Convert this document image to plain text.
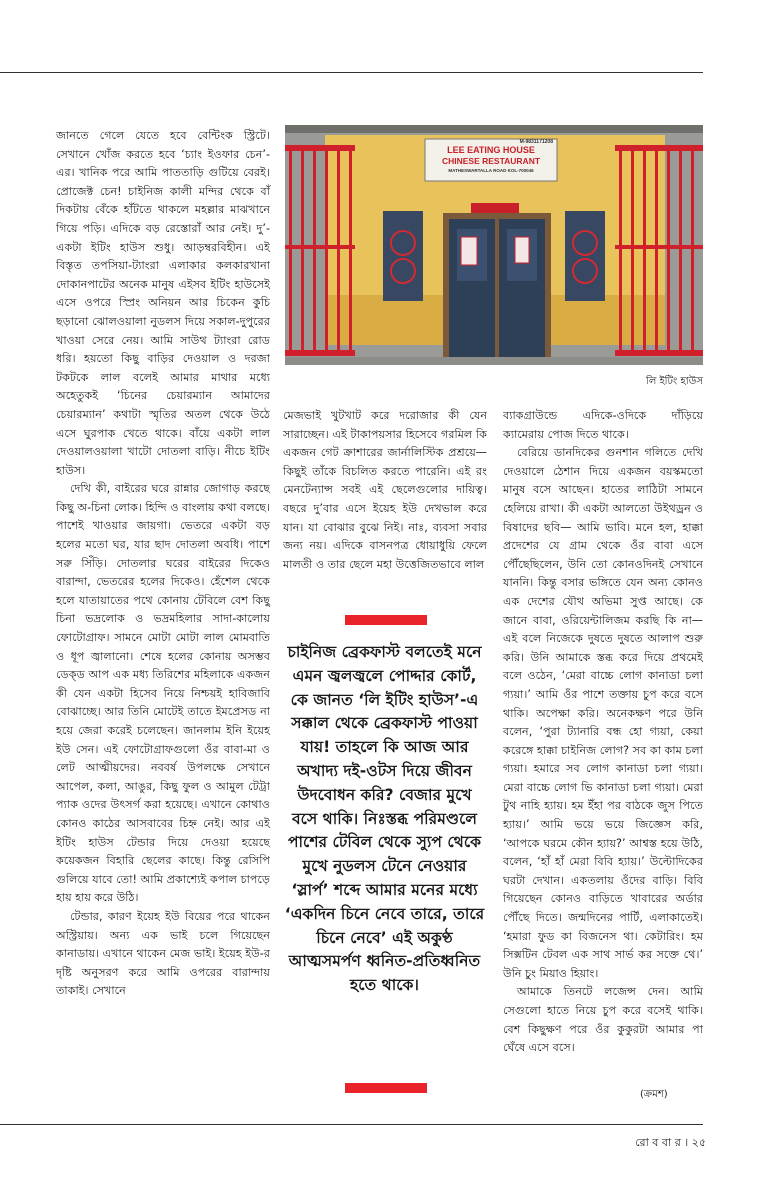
জানতে গেলে যেতে হবে বেন্টিংক স্ট্রিটে। সেখানে খোঁজ করতে হবে ‘চ্যাং ইওফার চেন’-এর। খানিক পরে আমি পাততাড়ি গুটিয়ে বেরই। প্রোজেক্ট চেন! চাইনিজ কালী মন্দির থেকে বাঁ দিকটায় বেঁকে হাঁটতে থাকলে মহল্লার মাঝখানে গিয়ে পড়ি। এদিকে বড় রেস্তোরাঁ আর নেই। দু’-একটা ইটিং হাউস শুধু। আড়ম্বরবিহীন। এই বিস্তৃত তপসিয়া-ট্যাংরা এলাকার কলকারখানা দোকানপাটের অনেক মানুষ এইসব ইটিং হাউসেই এসে ওপরে স্প্রিং অনিয়ন আর চিকেন কুচি ছড়ানো ঝোলওয়ালা নুডলস দিয়ে সকাল-দুপুরের খাওয়া সেরে নেয়। আমি সাউথ ট্যাংরা রোড ধরি। হয়তো কিছু বাড়ির দেওয়াল ও দরজা টকটকে লাল বলেই আমার মাথার মধ্যে অহেতুকই ‘চিনের চেয়ারম্যান আমাদের চেয়ারম্যান’ কথাটা স্মৃতির অতল থেকে উঠে এসে ঘুরপাক খেতে থাকে। বাঁয়ে একটা লাল দেওয়ালওয়ালা খাটো দোতলা বাড়ি। নীচে ইটিং হাউস।

দেখি কী, বাইরের ঘরে রান্নার জোগাড় করছে কিছু অ-চিনা লোক। হিন্দি ও বাংলায় কথা বলছে। পাশেই খাওয়ার জায়গা। ভেতরে একটা বড় হলের মতো ঘর, যার ছাদ দোতলা অবধি। পাশে সরু সিঁড়ি। দোতলার ঘরের বাইরের দিকেও বারান্দা, ভেতরের হলের দিকেও। হেঁশেল থেকে হলে যাতায়াতের পথে কোনায় টেবিলে বেশ কিছু চিনা ভদ্রলোক ও ভদ্রমহিলার সাদা-কালোয় ফোটোগ্রাফ। সামনে মোটা মোটা লাল মোমবাতি ও ধূপ জ্বালানো। শেষে হলের কোনায় অসম্ভব ডেক্ড আপ এক মধ্য তিরিশের মহিলাকে একজন কী যেন একটা হিসেব নিয়ে নিশ্চয়ই হাবিজাবি বোঝাচ্ছে। আর তিনি মোটেই তাতে ইমপ্রেসড না হয়ে জেরা করেই চলেছেন। জানলাম ইনি ইয়েহ ইউ সেন। এই ফোটোগ্রাফগুলো ওঁর বাবা-মা ও লেট আত্মীয়দের। নববর্ষ উপলক্ষে সেখানে আপেল, কলা, আঙুর, কিছু ফুল ও আমুল টেট্রা প্যাক ওদের উৎসর্গ করা হয়েছে। এখানে কোথাও কোনও কাঠের আসবাবের চিহ্ন নেই। আর এই ইটিং হাউস টেন্ডার দিয়ে দেওয়া হয়েছে কয়েকজন বিহারি ছেলের কাছে। কিন্তু রেসিপি গুলিয়ে যাবে তো! আমি প্রকাশ্যেই কপাল চাপড়ে হায় হায় করে উঠি।

টেন্ডার, কারণ ইয়েহ ইউ বিয়ের পরে থাকেন অস্ট্রিয়ায়। অন্য এক ভাই চলে গিয়েছেন কানাডায়। এখানে থাকেন মেজ ভাই। ইয়েহ ইউ-র দৃষ্টি অনুসরণ করে আমি ওপরের বারান্দায় তাকাই। সেখানে

M-9831171208
LEE EATING HOUSE
CHINESE RESTAURANT
MATHESWARTALLA ROAD KOL-700046
লি ইটিং হাউস

মেজভাই খুটখাট করে দরোজার কী যেন সারাচ্ছেন। এই টাকাপয়সার হিসেবে গরমিল কি একজন গেট ক্রাশারের জার্নালিস্টিক প্রশ্রয়ে— কিছুই তাঁকে বিচলিত করতে পারেনি। এই রং মেনটেন্যান্স সবই এই ছেলেগুলোর দায়িত্ব। বছরে দু’বার এসে ইয়েহ ইউ দেখভাল করে যান। যা বোঝার বুঝে নিই। নাঃ, ব্যবসা সবার জন্য নয়। এদিকে বাসনপত্র ধোয়াধুয়ি ফেলে মালতী ও তার ছেলে মহা উত্তেজিতভাবে লাল

চাইনিজ ব্রেকফাস্ট বলতেই মনে এমন জ্বলজ্বলে পোদ্দার কোর্ট, কে জানত ‘লি ইটিং হাউস’-এ সক্কাল থেকে ব্রেকফাস্ট পাওয়া যায়! তাহলে কি আজ আর অখাদ্য দই-ওটস দিয়ে জীবন উদবোধন করি? বেজার মুখে বসে থাকি। নিঃস্তব্ধ পরিমণ্ডলে পাশের টেবিল থেকে স্যুপ থেকে মুখে নুডলস টেনে নেওয়ার ‘স্লার্প’ শব্দে আমার মনের মধ্যে ‘একদিন চিনে নেবে তারে, তারে চিনে নেবে’ এই অকুণ্ঠ আত্মসমর্পণ ধ্বনিত-প্রতিধ্বনিত হতে থাকে।

ব্যাকগ্রাউন্ডে এদিকে-ওদিকে দাঁড়িয়ে ক্যামেরায় পোজ দিতে থাকে।

বেরিয়ে ডানদিকের গুনশান গলিতে দেখি দেওয়ালে ঠেশান দিয়ে একজন বয়স্কমতো মানুষ বসে আছেন। হাতের লাঠিটা সামনে হেলিয়ে রাখা। কী একটা আলতো উইথড্রন ও বিষাদের ছবি— আমি ভাবি। মনে হল, হাক্কা প্রদেশের যে গ্রাম থেকে ওঁর বাবা এসে পৌঁছেছিলেন, উনি তো কোনওদিনই সেখানে যাননি। কিন্তু বসার ভঙ্গিতে যেন অন্য কোনও এক দেশের যৌথ অভিমা সুপ্ত আছে। কে জানে বাবা, ওরিয়েন্টালিজম করছি কি না— এই বলে নিজেকে দুষতে দুষতে আলাপ শুরু করি। উনি আমাকে স্তব্ধ করে দিয়ে প্রথমেই বলে ওঠেন, ‘মেরা বাচ্চে লোগ কানাডা চলা গ্যয়া।’ আমি ওঁর পাশে তক্তায় চুপ করে বসে থাকি। অপেক্ষা করি। অনেকক্ষণ পরে উনি বলেন, ‘পুরা ট্যানারি বন্ধ হো গ্যয়া, কেয়া করেঙ্গে হাক্কা চাইনিজ লোগ? সব কা কাম চলা গ্যয়া। হমারে সব লোগ কানাডা চলা গ্যয়া। মেরা বাচ্চে লোগ ভি কানাডা চলা গ্যয়া। মেরা টুথ নাহি হ্যায়। হম ইঁহা পর বাঠকে জুস পিতে হ্যায়।’ আমি ভয়ে ভয়ে জিজ্ঞেস করি, ‘আপকে ঘরমে কৌন হ্যায়?’ আশ্বস্ত হয়ে উঠি, বলেন, ‘হাঁ হাঁ মেরা বিবি হ্যায়।’ উল্টোদিকের ঘরটা দেখান। একতলায় ওঁদের বাড়ি। বিবি গিয়েছেন কোনও বাড়িতে খাবারের অর্ডার পৌঁছে দিতে। জন্মদিনের পার্টি, এলাকাতেই। ‘হমারা ফুড কা বিজনেস থা। কেটারিং। হম সিক্সটিন টেবল এক সাথ সার্ভ কর সক্তে থে।’ উনি চুং মিয়াও হিয়াং।

আমাকে তিনটে লজেন্স দেন। আমি সেগুলো হাতে নিয়ে চুপ করে বসেই থাকি। বেশ কিছুক্ষণ পরে ওঁর কুকুরটা আমার পা ঘেঁষে এসে বসে।

(ক্রমশ)
রো ব বা র । ২৫
